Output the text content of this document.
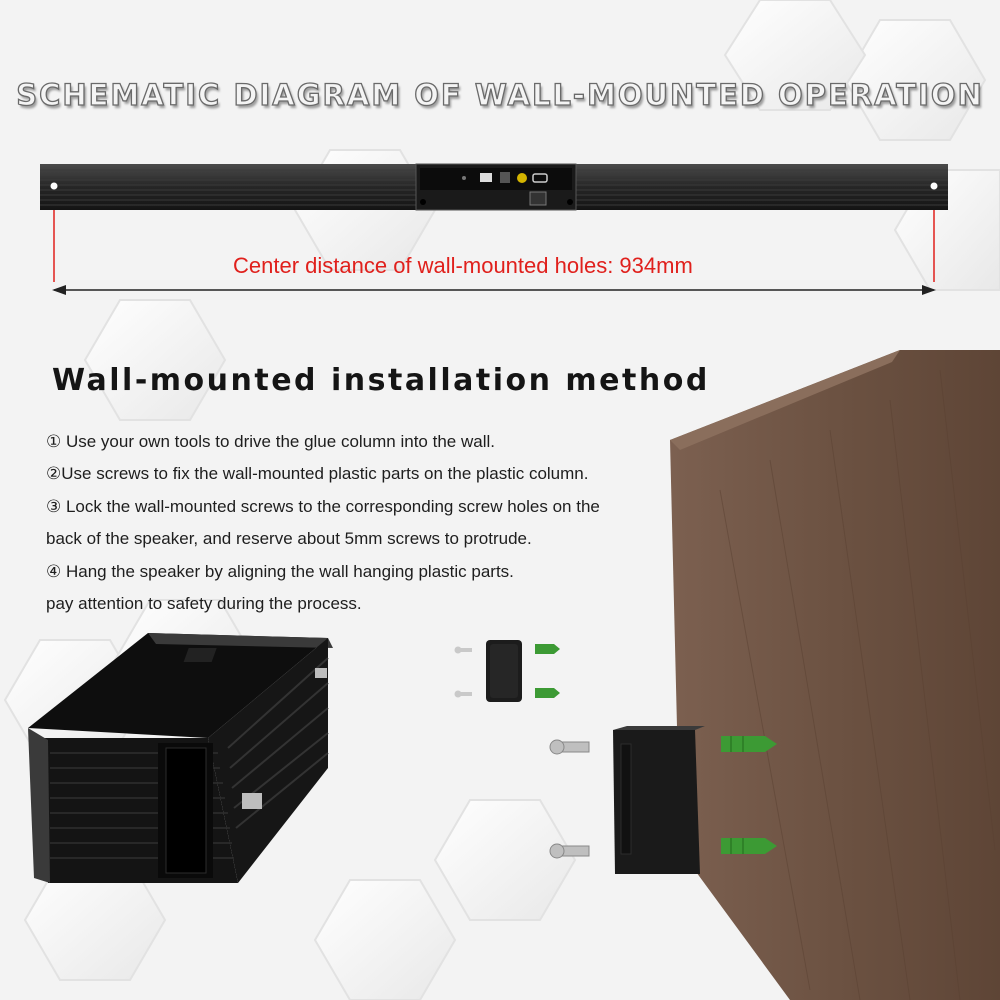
SCHEMATIC DIAGRAM OF WALL-MOUNTED OPERATION
Center distance of wall-mounted holes: 934mm
Wall-mounted installation method
① Use your own tools to drive the glue column into the wall.
②Use screws to fix the wall-mounted plastic parts on the plastic column.
③ Lock the wall-mounted screws to the corresponding screw holes on the
back of the speaker, and reserve about 5mm screws to protrude.
④ Hang the speaker by aligning the wall hanging plastic parts.
pay attention to safety during the process.
